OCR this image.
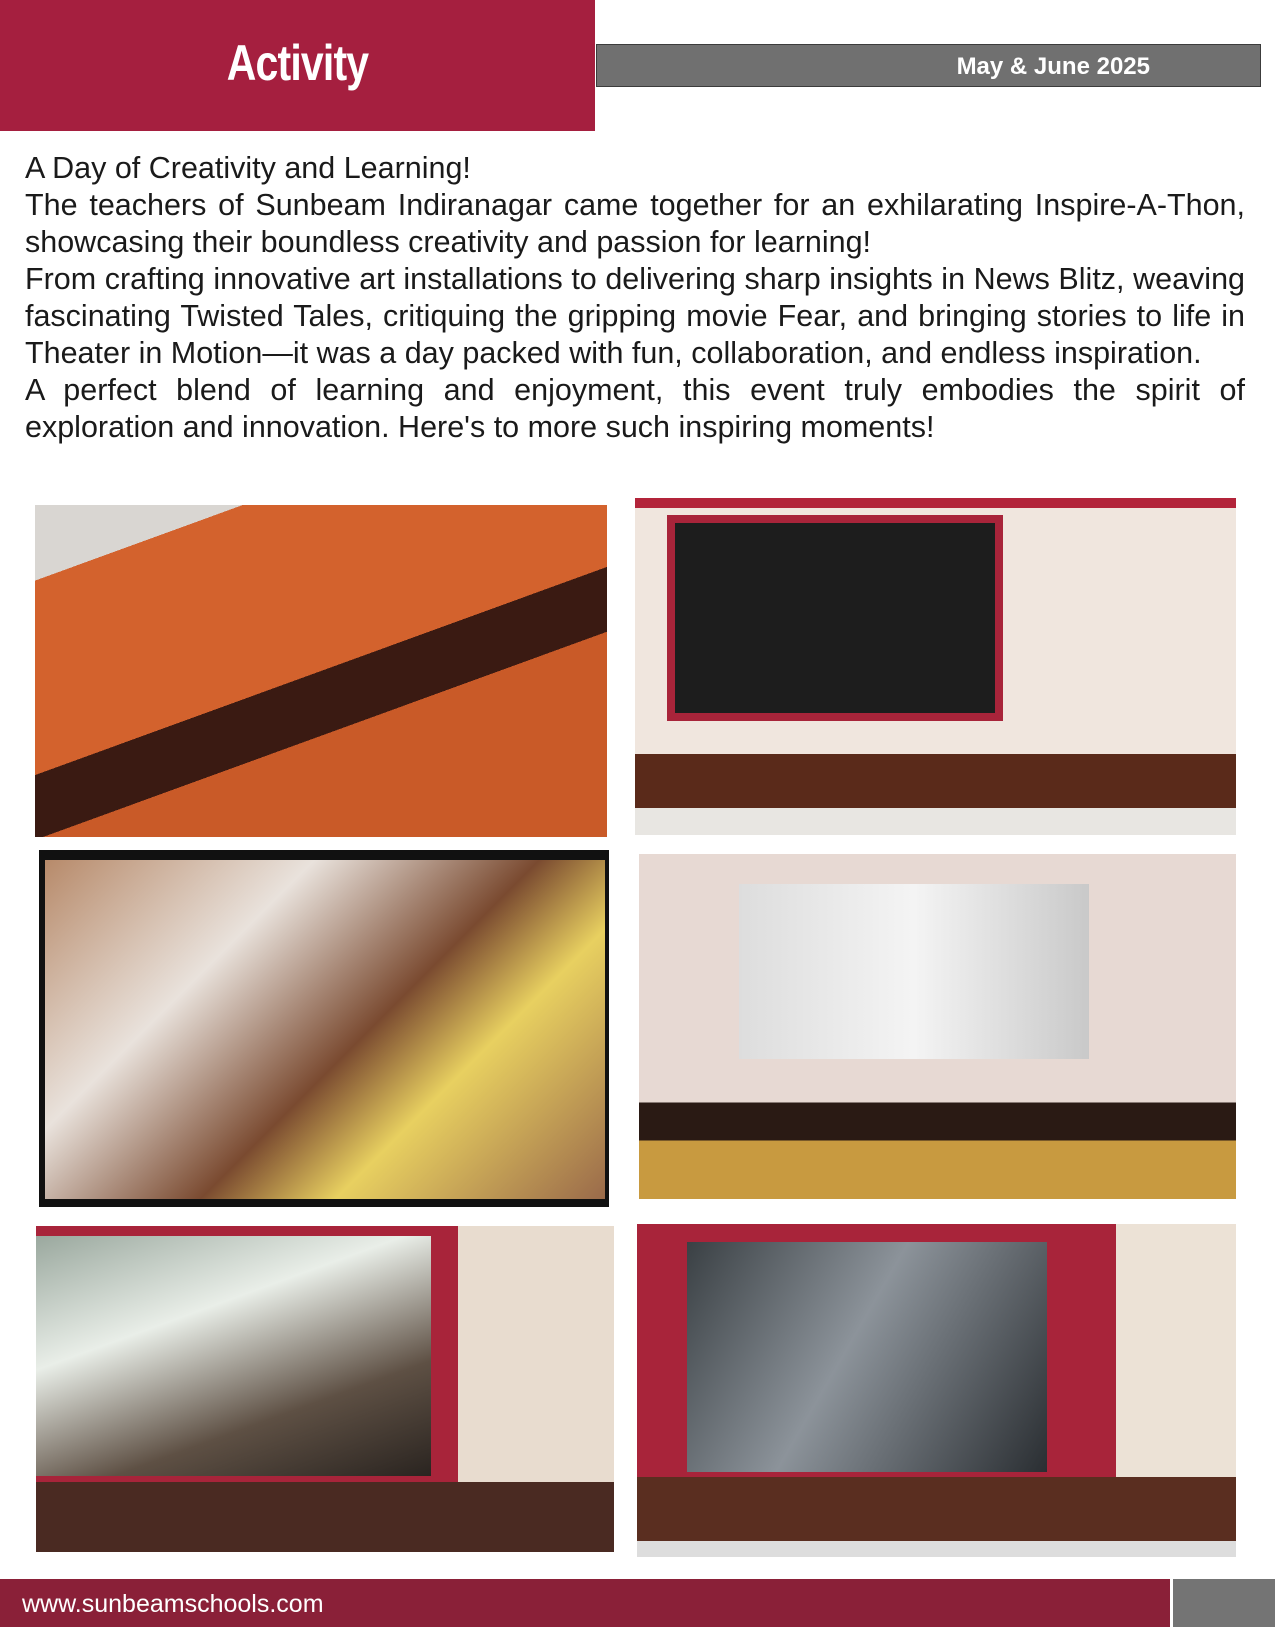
Activity	May & June 2025

A Day of Creativity and Learning!

The teachers of Sunbeam Indiranagar came together for an exhilarating Inspire-A-Thon, showcasing their boundless creativity and passion for learning!

From crafting innovative art installations to delivering sharp insights in News Blitz, weaving fascinating Twisted Tales, critiquing the gripping movie Fear, and bringing stories to life in Theater in Motion—it was a day packed with fun, collaboration, and endless inspiration.

A perfect blend of learning and enjoyment, this event truly embodies the spirit of exploration and innovation. Here's to more such inspiring moments!

www.sunbeamschools.com
